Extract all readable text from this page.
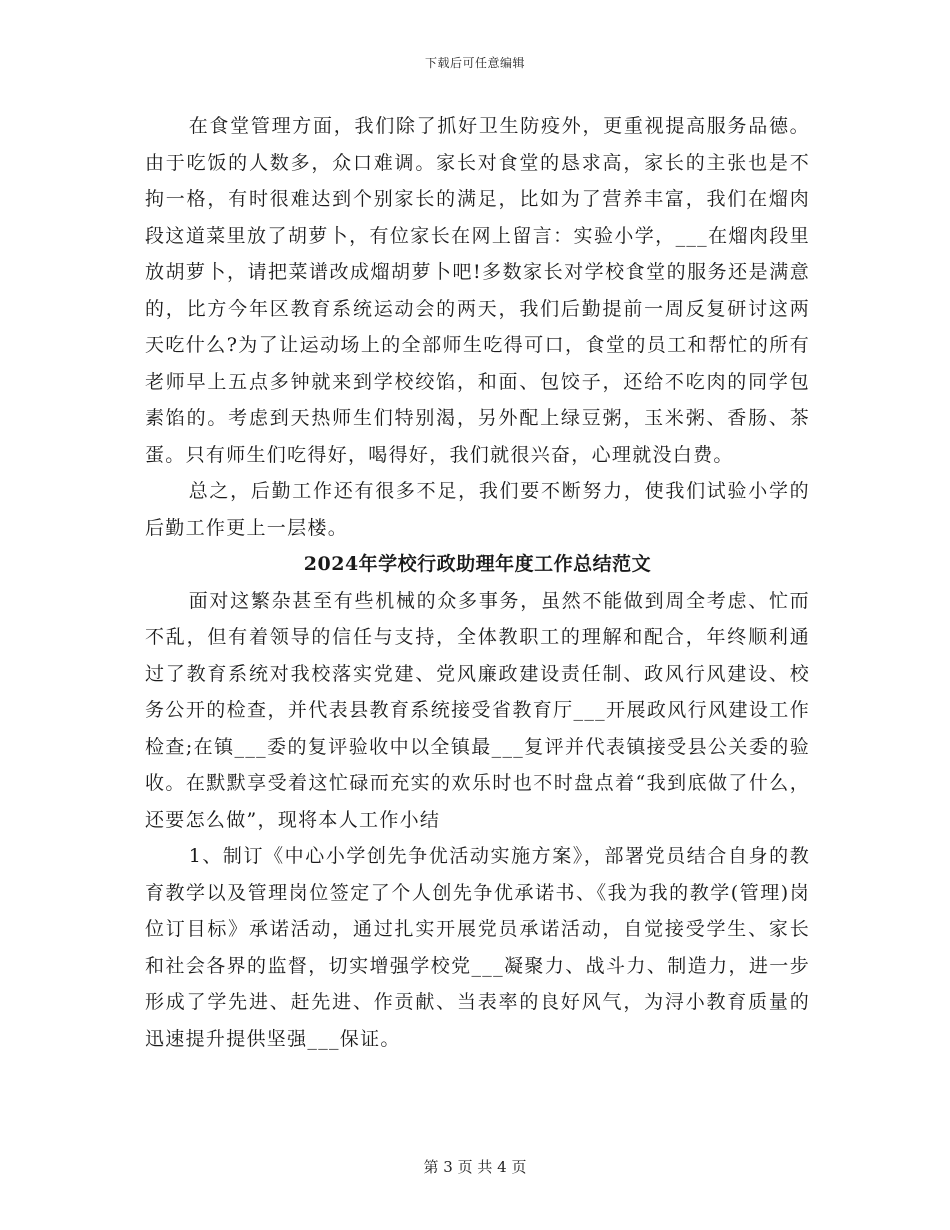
下载后可任意编辑

在食堂管理方面，我们除了抓好卫生防疫外，更重视提高服务品德。由于吃饭的人数多，众口难调。家长对食堂的恳求高，家长的主张也是不拘一格，有时很难达到个别家长的满足，比如为了营养丰富，我们在熘肉段这道菜里放了胡萝卜，有位家长在网上留言：实验小学，___在熘肉段里放胡萝卜，请把菜谱改成熘胡萝卜吧!多数家长对学校食堂的服务还是满意的，比方今年区教育系统运动会的两天，我们后勤提前一周反复研讨这两天吃什么?为了让运动场上的全部师生吃得可口，食堂的员工和帮忙的所有老师早上五点多钟就来到学校绞馅，和面、包饺子，还给不吃肉的同学包素馅的。考虑到天热师生们特别渴，另外配上绿豆粥，玉米粥、香肠、茶蛋。只有师生们吃得好，喝得好，我们就很兴奋，心理就没白费。

总之，后勤工作还有很多不足，我们要不断努力，使我们试验小学的后勤工作更上一层楼。

2024年学校行政助理年度工作总结范文

面对这繁杂甚至有些机械的众多事务，虽然不能做到周全考虑、忙而不乱，但有着领导的信任与支持，全体教职工的理解和配合，年终顺利通过了教育系统对我校落实党建、党风廉政建设责任制、政风行风建设、校务公开的检查，并代表县教育系统接受省教育厅___开展政风行风建设工作检查;在镇___委的复评验收中以全镇最___复评并代表镇接受县公关委的验收。在默默享受着这忙碌而充实的欢乐时也不时盘点着“我到底做了什么，还要怎么做”，现将本人工作小结

1、制订《中心小学创先争优活动实施方案》，部署党员结合自身的教育教学以及管理岗位签定了个人创先争优承诺书、《我为我的教学(管理)岗位订目标》承诺活动，通过扎实开展党员承诺活动，自觉接受学生、家长和社会各界的监督，切实增强学校党___凝聚力、战斗力、制造力，进一步形成了学先进、赶先进、作贡献、当表率的良好风气，为浔小教育质量的迅速提升提供坚强___保证。

第 3 页 共 4 页
